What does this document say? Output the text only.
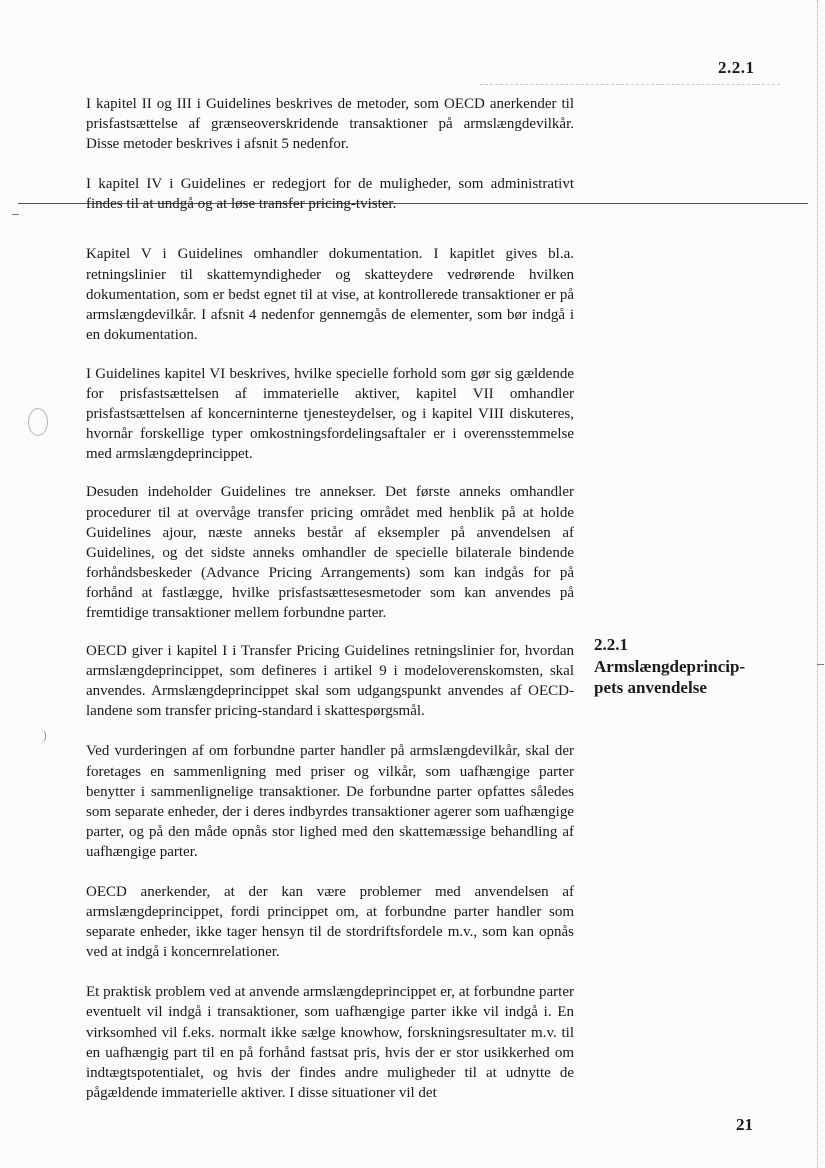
2.2.1

I kapitel II og III i Guidelines beskrives de metoder, som OECD anerkender til prisfastsættelse af grænseoverskridende transaktioner på armslængdevilkår. Disse metoder beskrives i afsnit 5 nedenfor.

I kapitel IV i Guidelines er redegjort for de muligheder, som administrativt findes til at undgå og at løse transfer pricing-tvister.

Kapitel V i Guidelines omhandler dokumentation. I kapitlet gives bl.a. retningslinier til skattemyndigheder og skatteydere vedrørende hvilken dokumentation, som er bedst egnet til at vise, at kontrollerede transaktioner er på armslængdevilkår. I afsnit 4 nedenfor gennemgås de elementer, som bør indgå i en dokumentation.

I Guidelines kapitel VI beskrives, hvilke specielle forhold som gør sig gældende for prisfastsættelsen af immaterielle aktiver, kapitel VII omhandler prisfastsættelsen af koncerninterne tjenesteydelser, og i kapitel VIII diskuteres, hvornår forskellige typer omkostningsfordelingsaftaler er i overensstemmelse med armslængdeprincippet.

Desuden indeholder Guidelines tre annekser. Det første anneks omhandler procedurer til at overvåge transfer pricing området med henblik på at holde Guidelines ajour, næste anneks består af eksempler på anvendelsen af Guidelines, og det sidste anneks omhandler de specielle bilaterale bindende forhåndsbeskeder (Advance Pricing Arrangements) som kan indgås for på forhånd at fastlægge, hvilke prisfastsættesesmetoder som kan anvendes på fremtidige transaktioner mellem forbundne parter.

OECD giver i kapitel I i Transfer Pricing Guidelines retningslinier for, hvordan armslængdeprincippet, som defineres i artikel 9 i modeloverenskomsten, skal anvendes. Armslængdeprincippet skal som udgangspunkt anvendes af OECD-landene som transfer pricing-standard i skattespørgsmål.

Ved vurderingen af om forbundne parter handler på armslængdevilkår, skal der foretages en sammenligning med priser og vilkår, som uafhængige parter benytter i sammenlignelige transaktioner. De forbundne parter opfattes således som separate enheder, der i deres indbyrdes transaktioner agerer som uafhængige parter, og på den måde opnås stor lighed med den skattemæssige behandling af uafhængige parter.

OECD anerkender, at der kan være problemer med anvendelsen af armslængdeprincippet, fordi princippet om, at forbundne parter handler som separate enheder, ikke tager hensyn til de stordriftsfordele m.v., som kan opnås ved at indgå i koncernrelationer.

Et praktisk problem ved at anvende armslængdeprincippet er, at forbundne parter eventuelt vil indgå i transaktioner, som uafhængige parter ikke vil indgå i. En virksomhed vil f.eks. normalt ikke sælge knowhow, forskningsresultater m.v. til en uafhængig part til en på forhånd fastsat pris, hvis der er stor usikkerhed om indtægtspotentialet, og hvis der findes andre muligheder til at udnytte de pågældende immaterielle aktiver. I disse situationer vil det

2.2.1
Armslængdeprincip-
pets anvendelse
21
